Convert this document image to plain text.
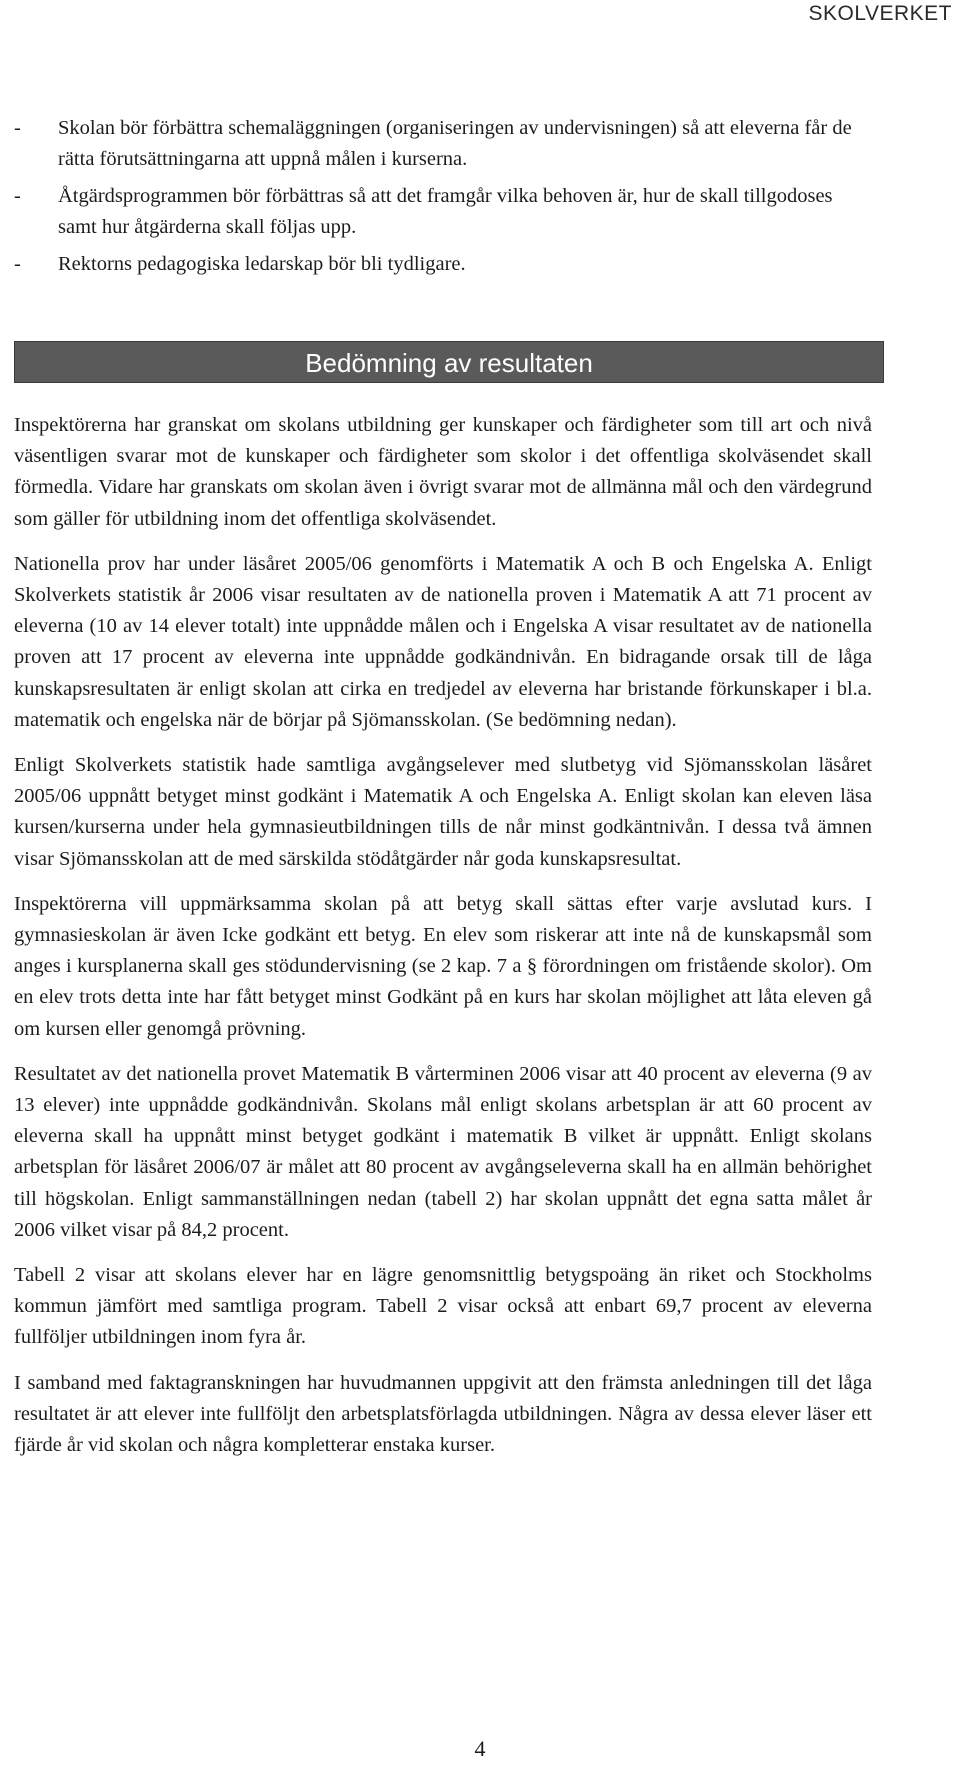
SKOLVERKET
-	Skolan bör förbättra schemaläggningen (organiseringen av undervisningen) så att eleverna får de rätta förutsättningarna att uppnå målen i kurserna.
-	Åtgärdsprogrammen bör förbättras så att det framgår vilka behoven är, hur de skall tillgodoses samt hur åtgärderna skall följas upp.
-	Rektorns pedagogiska ledarskap bör bli tydligare.
Bedömning av resultaten

Inspektörerna har granskat om skolans utbildning ger kunskaper och färdigheter som till art och nivå väsentligen svarar mot de kunskaper och färdigheter som skolor i det offentliga skolväsendet skall förmedla. Vidare har granskats om skolan även i övrigt svarar mot de allmänna mål och den värdegrund som gäller för utbildning inom det offentliga skolväsendet.

Nationella prov har under läsåret 2005/06 genomförts i Matematik A och B och Engelska A. Enligt Skolverkets statistik år 2006 visar resultaten av de nationella proven i Matematik A att 71 procent av eleverna (10 av 14 elever totalt) inte uppnådde målen och i Engelska A visar resultatet av de nationella proven att 17 procent av eleverna inte uppnådde godkändnivån. En bidragande orsak till de låga kunskapsresultaten är enligt skolan att cirka en tredjedel av eleverna har bristande förkunskaper i bl.a. matematik och engelska när de börjar på Sjömansskolan. (Se bedömning nedan).

Enligt Skolverkets statistik hade samtliga avgångselever med slutbetyg vid Sjömansskolan läsåret 2005/06 uppnått betyget minst godkänt i Matematik A och Engelska A. Enligt skolan kan eleven läsa kursen/kurserna under hela gymnasieutbildningen tills de når minst godkäntnivån. I dessa två ämnen visar Sjömansskolan att de med särskilda stödåtgärder når goda kunskapsresultat.

Inspektörerna vill uppmärksamma skolan på att betyg skall sättas efter varje avslutad kurs. I gymnasieskolan är även Icke godkänt ett betyg. En elev som riskerar att inte nå de kunskapsmål som anges i kursplanerna skall ges stödundervisning (se 2 kap. 7 a § förordningen om fristående skolor). Om en elev trots detta inte har fått betyget minst Godkänt på en kurs har skolan möjlighet att låta eleven gå om kursen eller genomgå prövning.

Resultatet av det nationella provet Matematik B vårterminen 2006 visar att 40 procent av eleverna (9 av 13 elever) inte uppnådde godkändnivån. Skolans mål enligt skolans arbetsplan är att 60 procent av eleverna skall ha uppnått minst betyget godkänt i matematik B vilket är uppnått. Enligt skolans arbetsplan för läsåret 2006/07 är målet att 80 procent av avgångseleverna skall ha en allmän behörighet till högskolan. Enligt sammanställningen nedan (tabell 2) har skolan uppnått det egna satta målet år 2006 vilket visar på 84,2 procent.

Tabell 2 visar att skolans elever har en lägre genomsnittlig betygspoäng än riket och Stockholms kommun jämfört med samtliga program. Tabell 2 visar också att enbart 69,7 procent av eleverna fullföljer utbildningen inom fyra år.

I samband med faktagranskningen har huvudmannen uppgivit att den främsta anledningen till det låga resultatet är att elever inte fullföljt den arbetsplatsförlagda utbildningen. Några av dessa elever läser ett fjärde år vid skolan och några kompletterar enstaka kurser.

4
